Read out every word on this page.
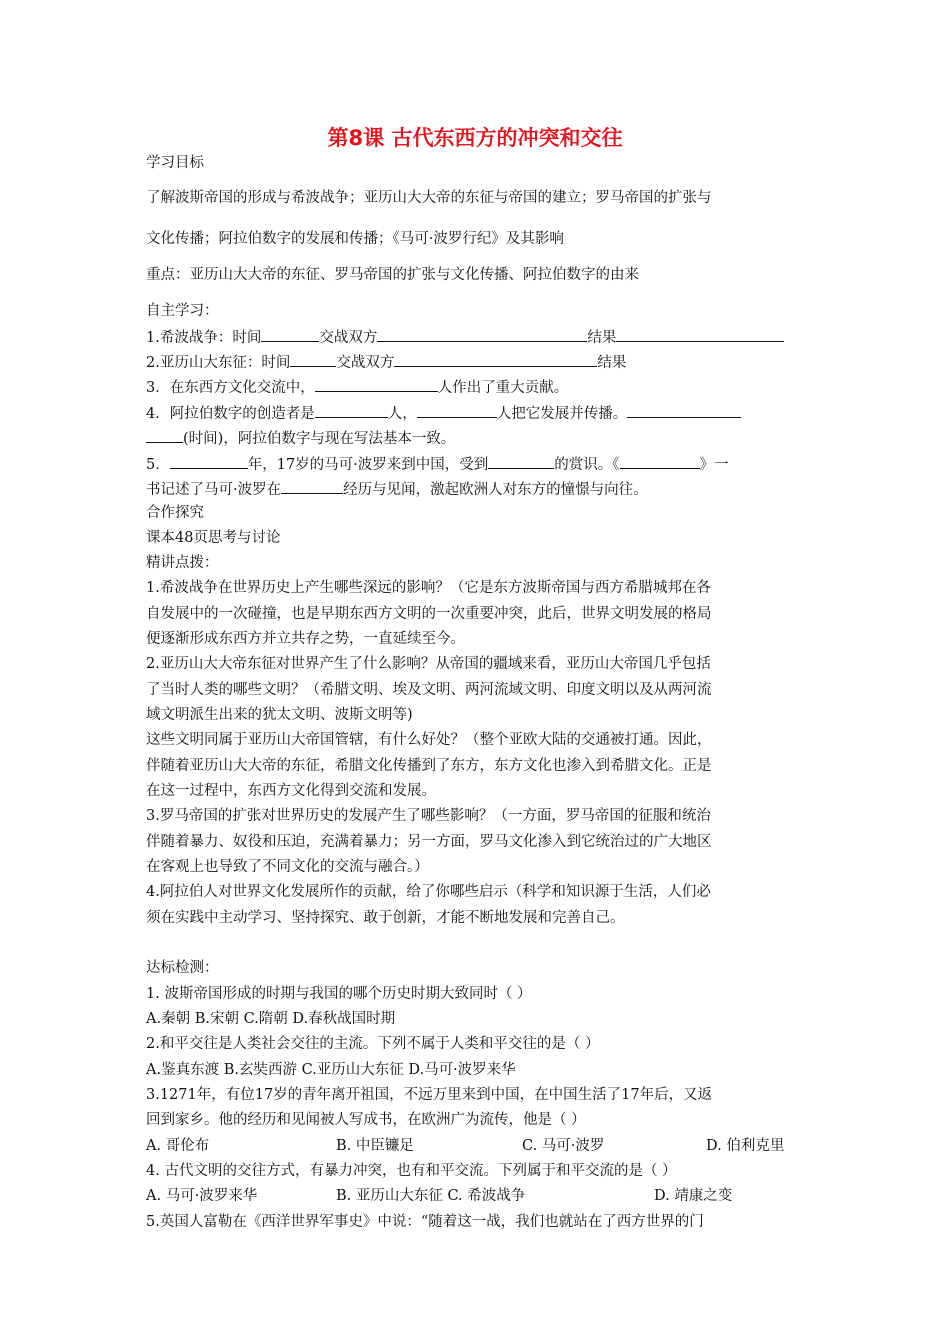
第8课 古代东西方的冲突和交往
学习目标
了解波斯帝国的形成与希波战争；亚历山大大帝的东征与帝国的建立；罗马帝国的扩张与
文化传播；阿拉伯数字的发展和传播；《马可·波罗行纪》及其影响
重点：亚历山大大帝的东征、罗马帝国的扩张与文化传播、阿拉伯数字的由来
自主学习：
1.希波战争：时间	交战双方	结果
2.亚历山大东征：时间	交战双方	结果
3．在东西方文化交流中，	人作出了重大贡献。
4．阿拉伯数字的创造者是	人，	人把它发展并传播。
(时间)，阿拉伯数字与现在写法基本一致。
5．	年，17岁的马可·波罗来到中国，受到	的赏识。《	》一
书记述了马可·波罗在	经历与见闻，激起欧洲人对东方的憧憬与向往。
合作探究
课本48页思考与讨论
精讲点拨：
1.希波战争在世界历史上产生哪些深远的影响？（它是东方波斯帝国与西方希腊城邦在各
自发展中的一次碰撞，也是早期东西方文明的一次重要冲突，此后，世界文明发展的格局
便逐渐形成东西方并立共存之势，一直延续至今。
2.亚历山大大帝东征对世界产生了什么影响？从帝国的疆域来看，亚历山大帝国几乎包括
了当时人类的哪些文明？（希腊文明、埃及文明、两河流域文明、印度文明以及从两河流
域文明派生出来的犹太文明、波斯文明等)
这些文明同属于亚历山大帝国管辖，有什么好处？（整个亚欧大陆的交通被打通。因此，
伴随着亚历山大大帝的东征，希腊文化传播到了东方，东方文化也渗入到希腊文化。正是
在这一过程中，东西方文化得到交流和发展。
3.罗马帝国的扩张对世界历史的发展产生了哪些影响？（一方面，罗马帝国的征服和统治
伴随着暴力、奴役和压迫，充满着暴力；另一方面，罗马文化渗入到它统治过的广大地区
在客观上也导致了不同文化的交流与融合。）
4.阿拉伯人对世界文化发展所作的贡献，给了你哪些启示（科学和知识源于生活，人们必
须在实践中主动学习、坚持探究、敢于创新，才能不断地发展和完善自己。
达标检测：
1. 波斯帝国形成的时期与我国的哪个历史时期大致同时（ ）
A.秦朝 B.宋朝 C.隋朝 D.春秋战国时期
2.和平交往是人类社会交往的主流。下列不属于人类和平交往的是（ ）
A.鉴真东渡 B.玄奘西游 C.亚历山大东征 D.马可·波罗来华
3.1271年，有位17岁的青年离开祖国，不远万里来到中国，在中国生活了17年后，又返
回到家乡。他的经历和见闻被人写成书，在欧洲广为流传，他是（ ）
A. 哥伦布	B. 中臣镰足	C. 马可·波罗	D. 伯利克里
4. 古代文明的交往方式，有暴力冲突，也有和平交流。下列属于和平交流的是（ ）
A. 马可·波罗来华	B. 亚历山大东征 C. 希波战争	D. 靖康之变
5.英国人富勒在《西洋世界军事史》中说：“随着这一战，我们也就站在了西方世界的门
